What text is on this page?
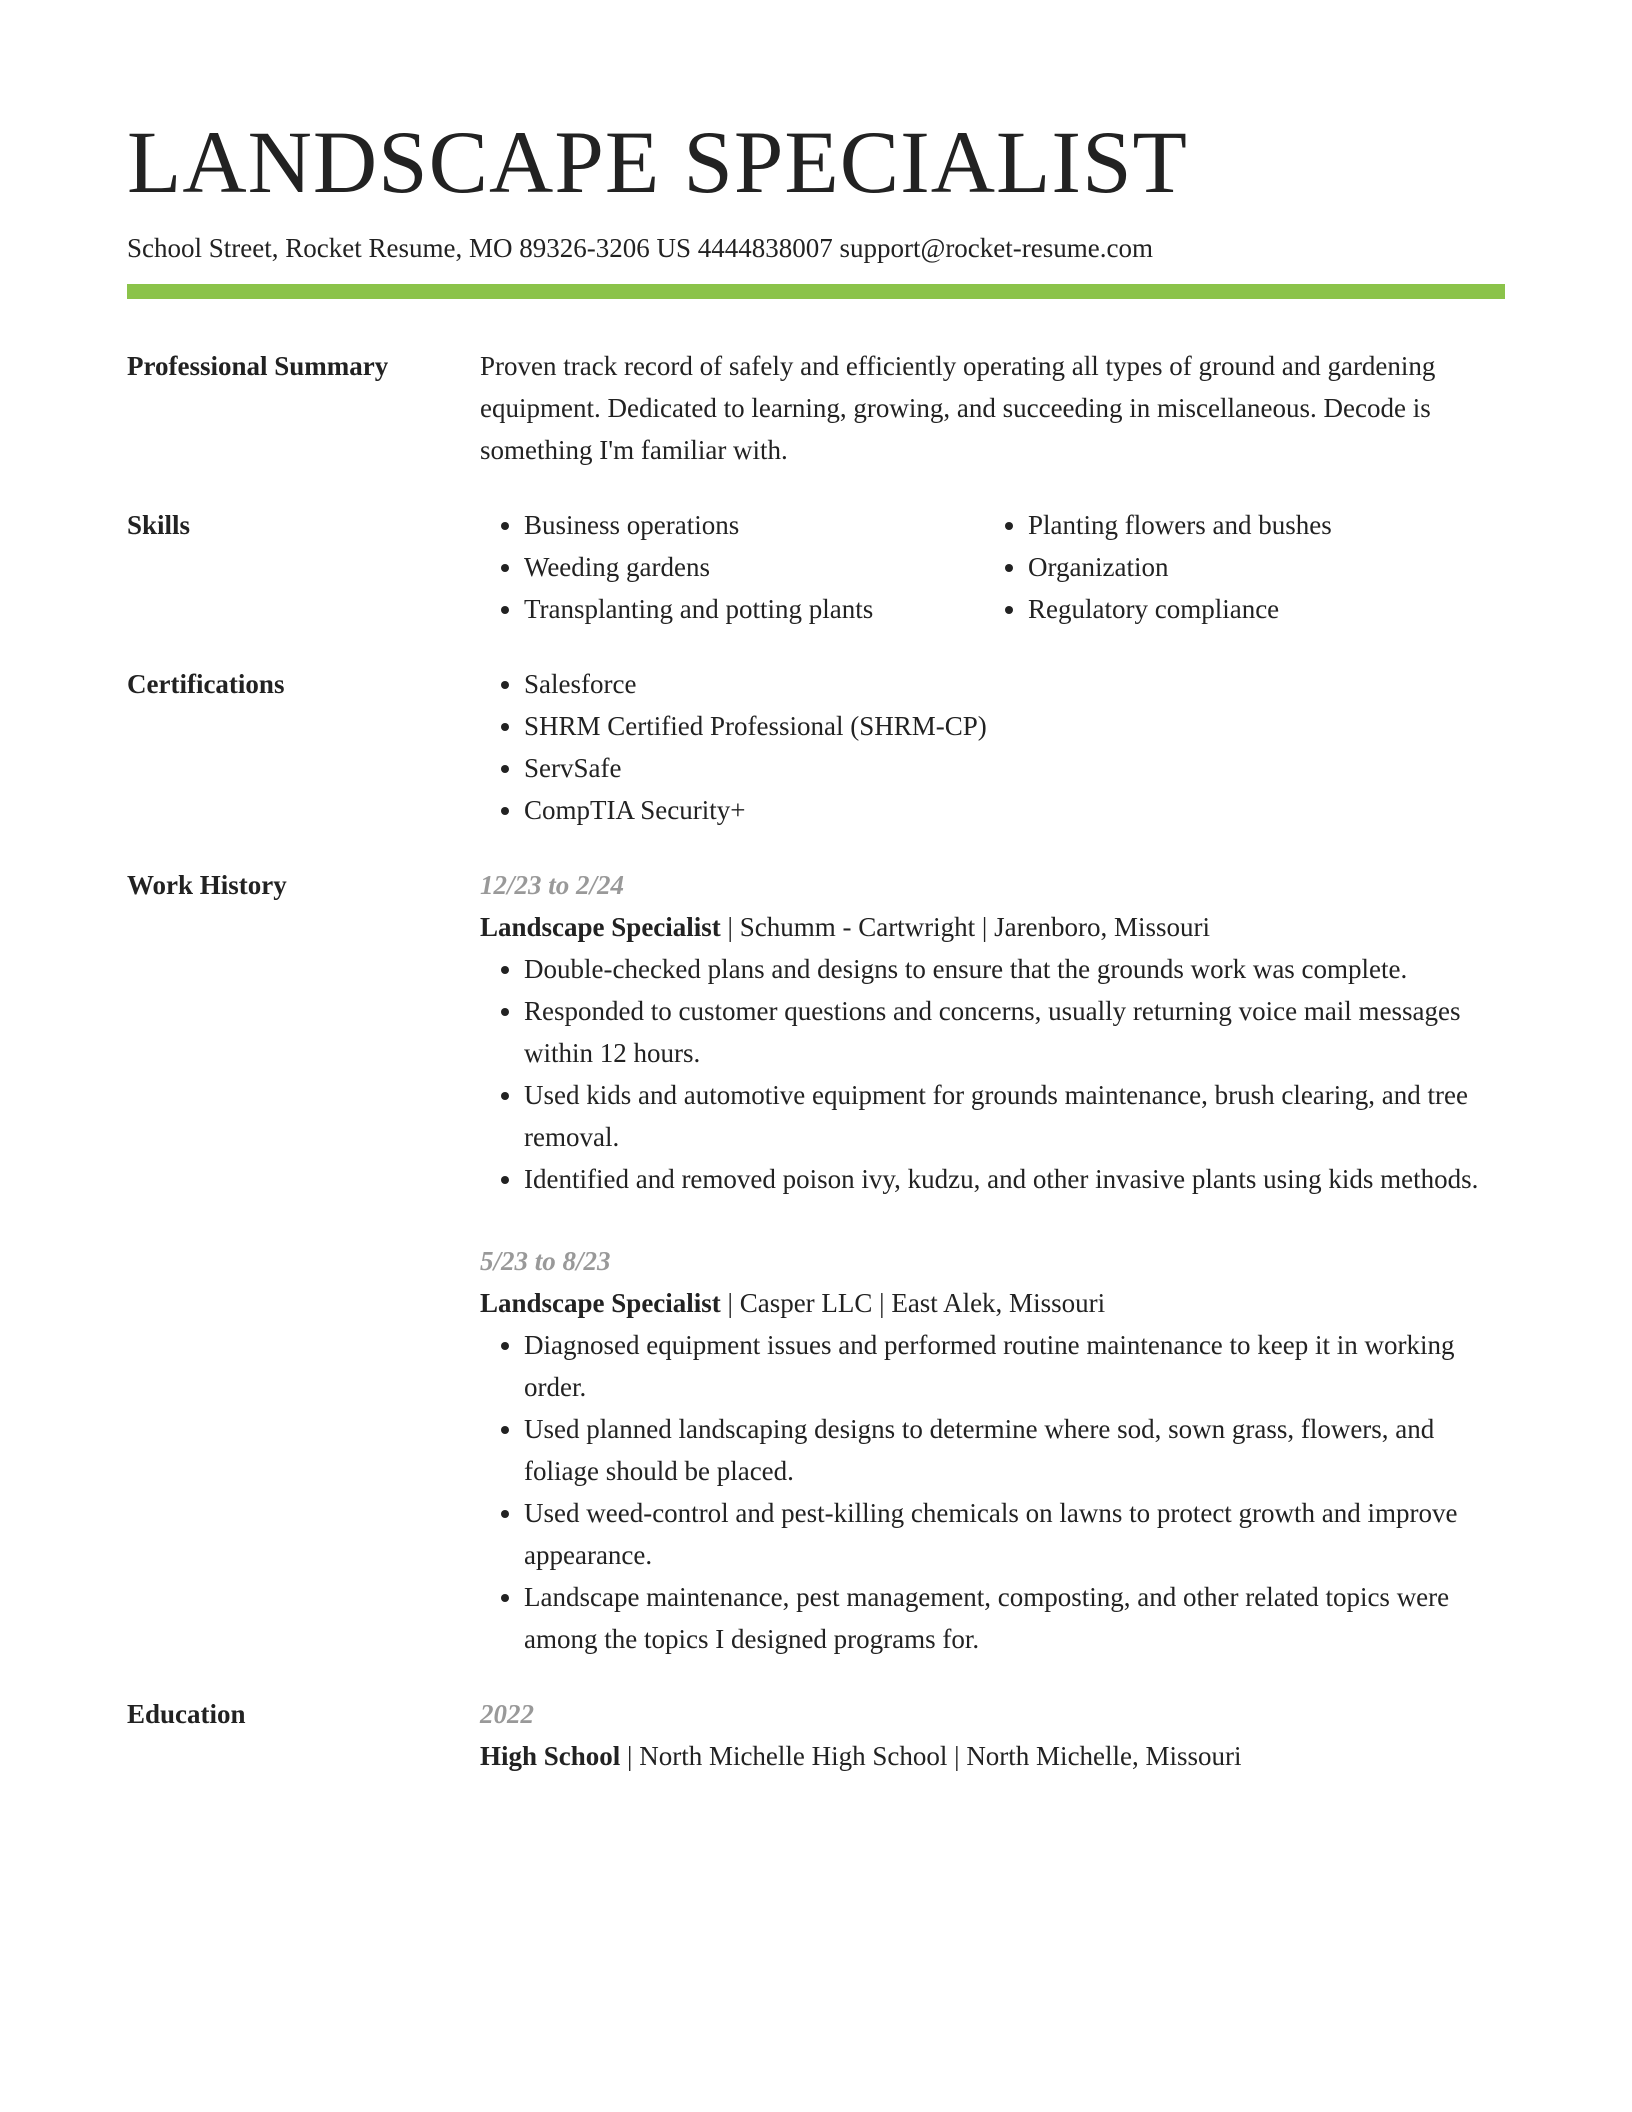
LANDSCAPE SPECIALIST
School Street, Rocket Resume, MO 89326-3206 US 4444838007 support@rocket-resume.com
Professional Summary	Proven track record of safely and efficiently operating all types of ground and gardening equipment. Dedicated to learning, growing, and succeeding in miscellaneous. Decode is something I'm familiar with.
Skills	• Business operations
• Weeding gardens
• Transplanting and potting plants
• Planting flowers and bushes
• Organization
• Regulatory compliance
Certifications	• Salesforce
• SHRM Certified Professional (SHRM-CP)
• ServSafe
• CompTIA Security+
Work History	12/23 to 2/24
Landscape Specialist | Schumm - Cartwright | Jarenboro, Missouri
• Double-checked plans and designs to ensure that the grounds work was complete.
• Responded to customer questions and concerns, usually returning voice mail messages within 12 hours.
• Used kids and automotive equipment for grounds maintenance, brush clearing, and tree removal.
• Identified and removed poison ivy, kudzu, and other invasive plants using kids methods.
5/23 to 8/23
Landscape Specialist | Casper LLC | East Alek, Missouri
• Diagnosed equipment issues and performed routine maintenance to keep it in working order.
• Used planned landscaping designs to determine where sod, sown grass, flowers, and foliage should be placed.
• Used weed-control and pest-killing chemicals on lawns to protect growth and improve appearance.
• Landscape maintenance, pest management, composting, and other related topics were among the topics I designed programs for.
Education	2022
High School | North Michelle High School | North Michelle, Missouri
